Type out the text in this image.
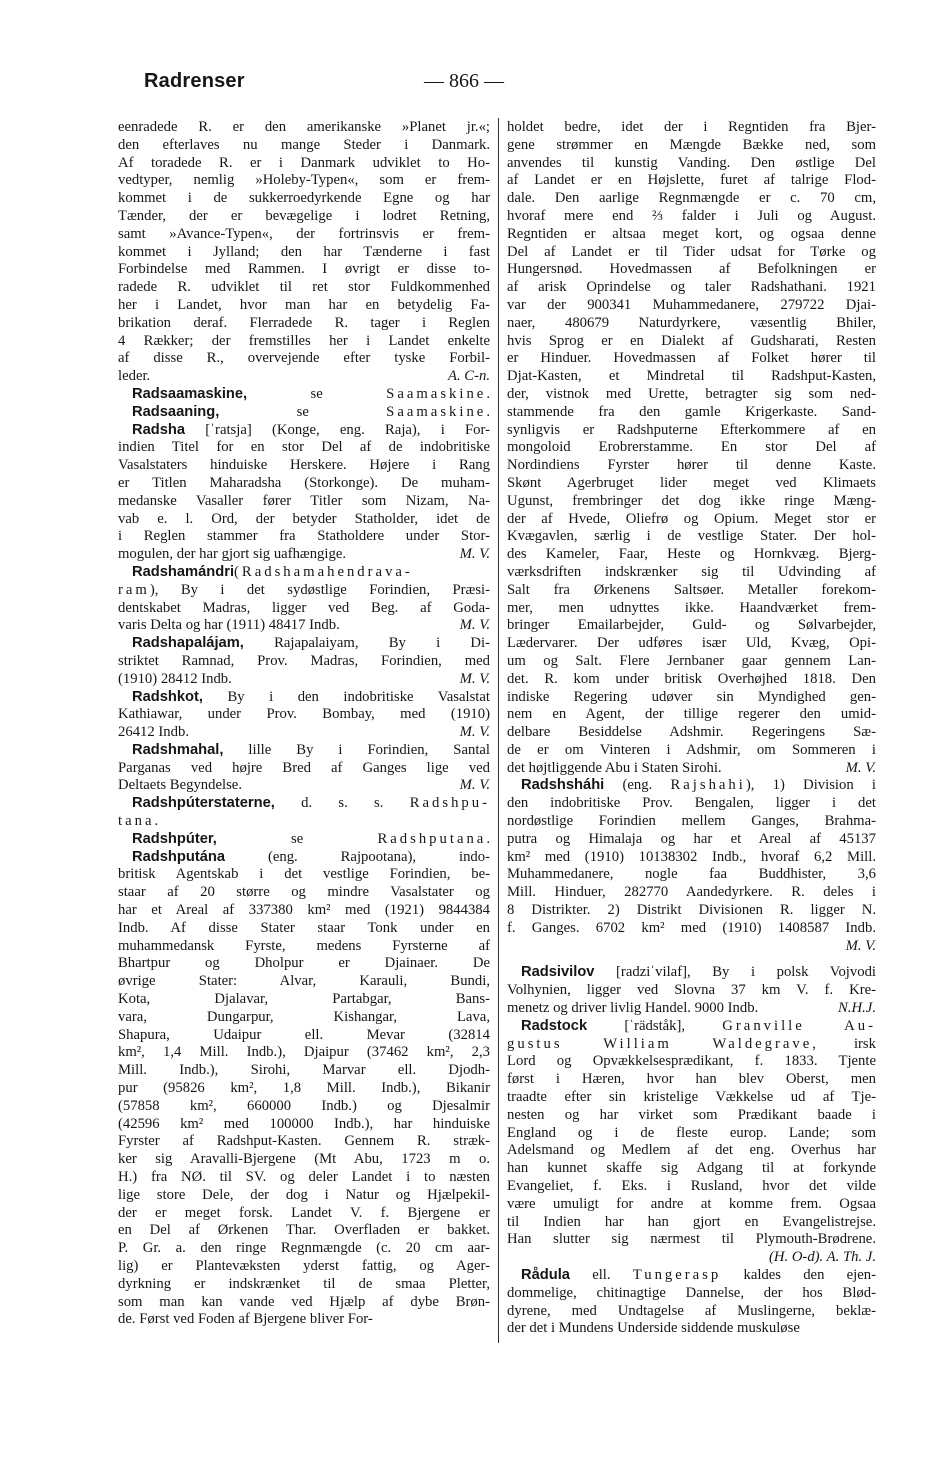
Radrenser	— 866 —
eenradede R. er den amerikanske »Planet jr.«;
den efterlaves nu mange Steder i Danmark.
Af toradede R. er i Danmark udviklet to Ho-
vedtyper, nemlig »Holeby-Typen«, som er frem-
kommet i de sukkerroedyrkende Egne og har
Tænder, der er bevægelige i lodret Retning,
samt »Avance-Typen«, der fortrinsvis er frem-
kommet i Jylland; den har Tænderne i fast
Forbindelse med Rammen. I øvrigt er disse to-
radede R. udviklet til ret stor Fuldkommenhed
her i Landet, hvor man har en betydelig Fa-
brikation deraf. Flerradede R. tager i Reglen
4 Rækker; der fremstilles her i Landet enkelte
af disse R., overvejende efter tyske Forbil-
leder.	A. C-n.
Radsaamaskine, se Saamaskine.
Radsaaning, se Saamaskine.
Radsha [ˈratsja] (Konge, eng. Raja), i For-
indien Titel for en stor Del af de indobritiske
Vasalstaters hinduiske Herskere. Højere i Rang
er Titlen Maharadsha (Storkonge). De muham-
medanske Vasaller fører Titler som Nizam, Na-
vab e. l. Ord, der betyder Statholder, idet de
i Reglen stammer fra Statholdere under Stor-
mogulen, der har gjort sig uafhængige.	M. V.
Radshamándri(Radshamahendrava-
ram), By i det sydøstlige Forindien, Præsi-
dentskabet Madras, ligger ved Beg. af Goda-
varis Delta og har (1911) 48417 Indb.	M. V.
Radshapalájam, Rajapalaiyam, By i Di-
striktet Ramnad, Prov. Madras, Forindien, med
(1910) 28412 Indb.	M. V.
Radshkot, By i den indobritiske Vasalstat
Kathiawar, under Prov. Bombay, med (1910)
26412 Indb.	M. V.
Radshmahal, lille By i Forindien, Santal
Parganas ved højre Bred af Ganges lige ved
Deltaets Begyndelse.	M. V.
Radshpúterstaterne, d. s. s. Radshpu-
tana.
Radshpúter, se Radshputana.
Radshputána (eng. Rajpootana), indo-
britisk Agentskab i det vestlige Forindien, be-
staar af 20 større og mindre Vasalstater og
har et Areal af 337380 km² med (1921) 9844384
Indb. Af disse Stater staar Tonk under en
muhammedansk Fyrste, medens Fyrsterne af
Bhartpur og Dholpur er Djainaer. De
øvrige Stater: Alvar, Karauli, Bundi,
Kota, Djalavar, Partabgar, Bans-
vara, Dungarpur, Kishangar, Lava,
Shapura, Udaipur ell. Mevar (32814
km², 1,4 Mill. Indb.), Djaipur (37462 km², 2,3
Mill. Indb.), Sirohi, Marvar ell. Djodh-
pur (95826 km², 1,8 Mill. Indb.), Bikanir
(57858 km², 660000 Indb.) og Djesalmir
(42596 km² med 100000 Indb.), har hinduiske
Fyrster af Radshput-Kasten. Gennem R. stræk-
ker sig Aravalli-Bjergene (Mt Abu, 1723 m o.
H.) fra NØ. til SV. og deler Landet i to næsten
lige store Dele, der dog i Natur og Hjælpekil-
der er meget forsk. Landet V. f. Bjergene er
en Del af Ørkenen Thar. Overfladen er bakket.
P. Gr. a. den ringe Regnmængde (c. 20 cm aar-
lig) er Plantevæksten yderst fattig, og Ager-
dyrkning er indskrænket til de smaa Pletter,
som man kan vande ved Hjælp af dybe Brøn-
de. Først ved Foden af Bjergene bliver For-
holdet bedre, idet der i Regntiden fra Bjer-
gene strømmer en Mængde Bække ned, som
anvendes til kunstig Vanding. Den østlige Del
af Landet er en Højslette, furet af talrige Flod-
dale. Den aarlige Regnmængde er c. 70 cm,
hvoraf mere end ⅔ falder i Juli og August.
Regntiden er altsaa meget kort, og ogsaa denne
Del af Landet er til Tider udsat for Tørke og
Hungersnød. Hovedmassen af Befolkningen er
af arisk Oprindelse og taler Radshathani. 1921
var der 900341 Muhammedanere, 279722 Djai-
naer, 480679 Naturdyrkere, væsentlig Bhiler,
hvis Sprog er en Dialekt af Gudsharati, Resten
er Hinduer. Hovedmassen af Folket hører til
Djat-Kasten, et Mindretal til Radshput-Kasten,
der, vistnok med Urette, betragter sig som ned-
stammende fra den gamle Krigerkaste. Sand-
synligvis er Radshputerne Efterkommere af en
mongoloid Erobrerstamme. En stor Del af
Nordindiens Fyrster hører til denne Kaste.
Skønt Agerbruget lider meget ved Klimaets
Ugunst, frembringer det dog ikke ringe Mæng-
der af Hvede, Oliefrø og Opium. Meget stor er
Kvægavlen, særlig i de vestlige Stater. Der hol-
des Kameler, Faar, Heste og Hornkvæg. Bjerg-
værksdriften indskrænker sig til Udvinding af
Salt fra Ørkenens Saltsøer. Metaller forekom-
mer, men udnyttes ikke. Haandværket frem-
bringer Emailarbejder, Guld- og Sølvarbejder,
Lædervarer. Der udføres især Uld, Kvæg, Opi-
um og Salt. Flere Jernbaner gaar gennem Lan-
det. R. kom under britisk Overhøjhed 1818. Den
indiske Regering udøver sin Myndighed gen-
nem en Agent, der tillige regerer den umid-
delbare Besiddelse Adshmir. Regeringens Sæ-
de er om Vinteren i Adshmir, om Sommeren i
det højtliggende Abu i Staten Sirohi.	M. V.
Radshsháhi (eng. Rajshahi), 1) Division i
den indobritiske Prov. Bengalen, ligger i det
nordøstlige Forindien mellem Ganges, Brahma-
putra og Himalaja og har et Areal af 45137
km² med (1910) 10138302 Indb., hvoraf 6,2 Mill.
Muhammedanere, nogle faa Buddhister, 3,6
Mill. Hinduer, 282770 Aandedyrkere. R. deles i
8 Distrikter. 2) Distrikt Divisionen R. ligger N.
f. Ganges. 6702 km² med (1910) 1408587 Indb.
M. V.
Radsivilov [radziˈvilaf], By i polsk Vojvodi
Volhynien, ligger ved Slovna 37 km V. f. Kre-
menetz og driver livlig Handel. 9000 Indb.	N.H.J.
Radstock [ˈrädståk], Granville Au-
gustus William Waldegrave, irsk
Lord og Opvækkelsesprædikant, f. 1833. Tjente
først i Hæren, hvor han blev Oberst, men
traadte efter sin kristelige Vækkelse ud af Tje-
nesten og har virket som Prædikant baade i
England og i de fleste europ. Lande; som
Adelsmand og Medlem af det eng. Overhus har
han kunnet skaffe sig Adgang til at forkynde
Evangeliet, f. Eks. i Rusland, hvor det vilde
være umuligt for andre at komme frem. Ogsaa
til Indien har han gjort en Evangelistrejse.
Han slutter sig nærmest til Plymouth-Brødrene.
(H. O-d). A. Th. J.
Rådula ell. Tungerasp kaldes den ejen-
dommelige, chitinagtige Dannelse, der hos Blød-
dyrene, med Undtagelse af Muslingerne, beklæ-
der det i Mundens Underside siddende muskuløse
